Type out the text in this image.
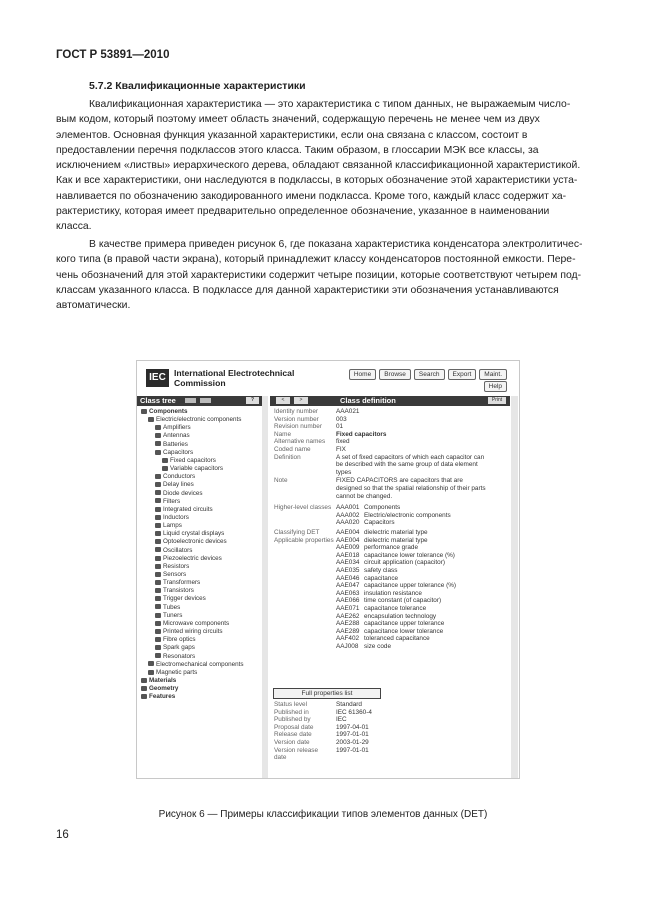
ГОСТ Р 53891—2010
5.7.2 Квалификационные характеристики

Квалификационная характеристика — это характеристика с типом данных, не выражаемым число-

вым кодом, который поэтому имеет область значений, содержащую перечень не менее чем из двух

элементов. Основная функция указанной характеристики, если она связана с классом, состоит в

предоставлении перечня подклассов этого класса. Таким образом, в глоссарии МЭК все классы, за

исключением «листвы» иерархического дерева, обладают связанной классификационной характеристикой.

Как и все характеристики, они наследуются в подклассы, в которых обозначение этой характеристики уста-

навливается по обозначению закодированного имени подкласса. Кроме того, каждый класс содержит ха-

рактеристику, которая имеет предварительно определенное обозначение, указанное в наименовании

класса.

В качестве примера приведен рисунок 6, где показана характеристика конденсатора электролитичес-

кого типа (в правой части экрана), который принадлежит классу конденсаторов постоянной емкости. Пере-

чень обозначений для этой характеристики содержит четыре позиции, которые соответствуют четырем под-

классам указанного класса. В подклассе для данной характеристики эти обозначения устанавливаются

автоматически.

IEC International Electrotechnical
Commission
Home	Browse	Search	Export	Maint.
Help
Class tree	?
Components
Electric/electronic components
Amplifiers
Antennas
Batteries
Capacitors
Fixed capacitors
Variable capacitors
Conductors
Delay lines
Diode devices
Filters
Integrated circuits
Inductors
Lamps
Liquid crystal displays
Optoelectronic devices
Oscillators
Piezoelectric devices
Resistors
Sensors
Transformers
Transistors
Trigger devices
Tubes
Tuners
Microwave components
Printed wiring circuits
Fibre optics
Spark gaps
Resonators
Electromechanical components
Magnetic parts
Materials
Geometry
Features
<	>	Class definition	Print
Identity number	AAA021
Version number	003
Revision number 01
Name	Fixed capacitors
Alternative names fixed
Coded name	FIX
Definition	A set of fixed capacitors of which each capacitor can
be described with the same group of data element
types
Note	FIXED CAPACITORS are capacitors that are
designed so that the spatial relationship of their parts
cannot be changed.
Higher-level classes AAA001 Components
AAA002 Electric/electronic components
AAA020 Capacitors
Classifying DET	AAE004 dielectric material type
Applicable properties AAE004 dielectric material type
AAE009 performance grade
AAE018 capacitance lower tolerance (%)
AAE034 circuit application (capacitor)
AAE035 safety class
AAE046 capacitance
AAE047 capacitance upper tolerance (%)
AAE063 insulation resistance
AAE066 time constant (of capacitor)
AAE071 capacitance tolerance
AAE262 encapsulation technology
AAE288 capacitance upper tolerance
AAE289 capacitance lower tolerance
AAF402 toleranced capacitance
AAJ008 size code
Status level	Standard
Published in	IEC 61360-4
Published by	IEC
Proposal date	1997-04-01
Release date	1997-01-01
Version date	2003-01-29
Version release	1997-01-01
date
Full properties list
Рисунок 6 — Примеры классификации типов элементов данных (DET)
16
